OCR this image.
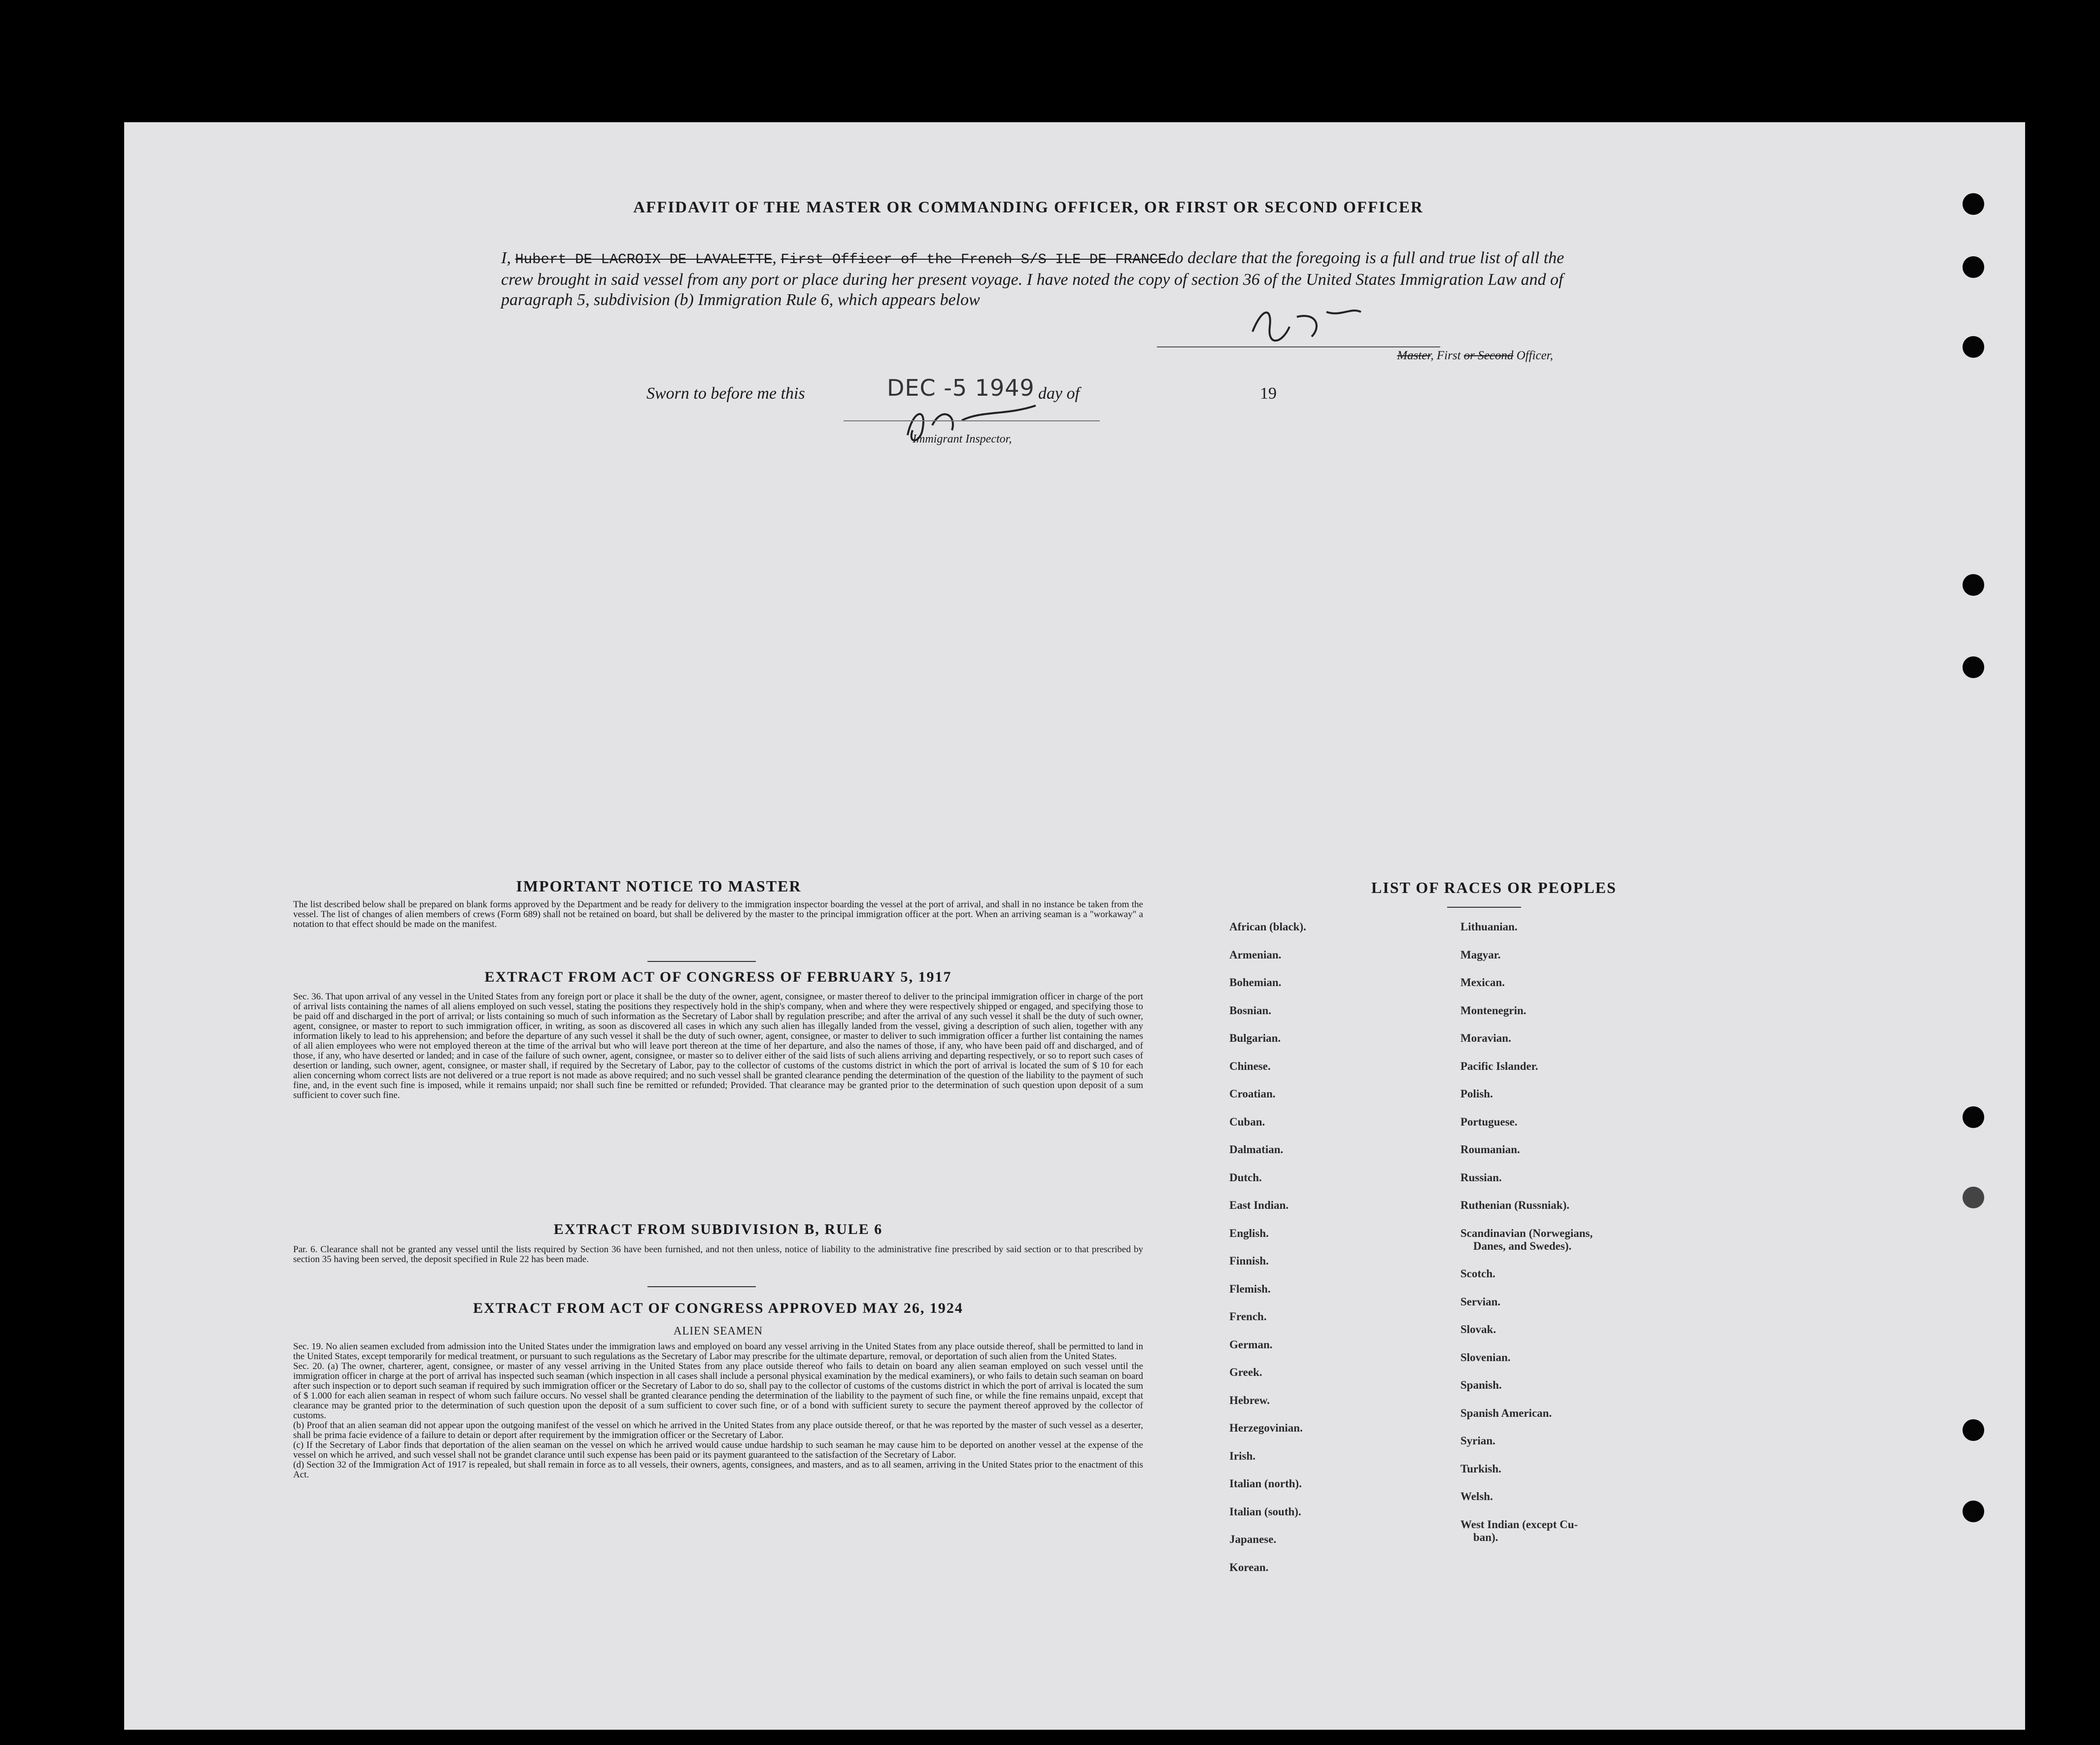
AFFIDAVIT OF THE MASTER OR COMMANDING OFFICER, OR FIRST OR SECOND OFFICER

I, Hubert DE LACROIX DE LAVALETTE, First Officer of the French S/S ILE DE FRANCEdo declare that the foregoing is a full and true list of all the crew brought in said vessel from any port or place during her present voyage. I have noted the copy of section 36 of the United States Immigration Law and of paragraph 5, subdivision (b) Immigration Rule 6, which appears below

Master, First or Second Officer,

Sworn to before me this	DEC -5 1949 day of	19

Immigrant Inspector,

IMPORTANT NOTICE TO MASTER

The list described below shall be prepared on blank forms approved by the Department and be ready for delivery to the immigration inspector boarding the vessel at the port of arrival, and shall in no instance be taken from the vessel. The list of changes of alien members of crews (Form 689) shall not be retained on board, but shall be delivered by the master to the principal immigration officer at the port. When an arriving seaman is a "workaway" a notation to that effect should be made on the manifest.

EXTRACT FROM ACT OF CONGRESS OF FEBRUARY 5, 1917

Sec. 36. That upon arrival of any vessel in the United States from any foreign port or place it shall be the duty of the owner, agent, consignee, or master thereof to deliver to the principal immigration officer in charge of the port of arrival lists containing the names of all aliens employed on such vessel, stating the positions they respectively hold in the ship's company, when and where they were respectively shipped or engaged, and specifying those to be paid off and discharged in the port of arrival; or lists containing so much of such information as the Secretary of Labor shall by regulation prescribe; and after the arrival of any such vessel it shall be the duty of such owner, agent, consignee, or master to report to such immigration officer, in writing, as soon as discovered all cases in which any such alien has illegally landed from the vessel, giving a description of such alien, together with any information likely to lead to his apprehension; and before the departure of any such vessel it shall be the duty of such owner, agent, consignee, or master to deliver to such immigration officer a further list containing the names of all alien employees who were not employed thereon at the time of the arrival but who will leave port thereon at the time of her departure, and also the names of those, if any, who have been paid off and discharged, and of those, if any, who have deserted or landed; and in case of the failure of such owner, agent, consignee, or master so to deliver either of the said lists of such aliens arriving and departing respectively, or so to report such cases of desertion or landing, such owner, agent, consignee, or master shall, if required by the Secretary of Labor, pay to the collector of customs of the customs district in which the port of arrival is located the sum of $ 10 for each alien concerning whom correct lists are not delivered or a true report is not made as above required; and no such vessel shall be granted clearance pending the determination of the question of the liability to the payment of such fine, and, in the event such fine is imposed, while it remains unpaid; nor shall such fine be remitted or refunded; Provided. That clearance may be granted prior to the determination of such question upon deposit of a sum sufficient to cover such fine.

EXTRACT FROM SUBDIVISION B, RULE 6

Par. 6. Clearance shall not be granted any vessel until the lists required by Section 36 have been furnished, and not then unless, notice of liability to the administrative fine prescribed by said section or to that prescribed by section 35 having been served, the deposit specified in Rule 22 has been made.

EXTRACT FROM ACT OF CONGRESS APPROVED MAY 26, 1924

ALIEN SEAMEN

Sec. 19. No alien seamen excluded from admission into the United States under the immigration laws and employed on board any vessel arriving in the United States from any place outside thereof, shall be permitted to land in the United States, except temporarily for medical treatment, or pursuant to such regulations as the Secretary of Labor may prescribe for the ultimate departure, removal, or deportation of such alien from the United States.
Sec. 20. (a) The owner, charterer, agent, consignee, or master of any vessel arriving in the United States from any place outside thereof who fails to detain on board any alien seaman employed on such vessel until the immigration officer in charge at the port of arrival has inspected such seaman (which inspection in all cases shall include a personal physical examination by the medical examiners), or who fails to detain such seaman on board after such inspection or to deport such seaman if required by such immigration officer or the Secretary of Labor to do so, shall pay to the collector of customs of the customs district in which the port of arrival is located the sum of $ 1.000 for each alien seaman in respect of whom such failure occurs. No vessel shall be granted clearance pending the determination of the liability to the payment of such fine, or while the fine remains unpaid, except that clearance may be granted prior to the determination of such question upon the deposit of a sum sufficient to cover such fine, or of a bond with sufficient surety to secure the payment thereof approved by the collector of customs.
(b) Proof that an alien seaman did not appear upon the outgoing manifest of the vessel on which he arrived in the United States from any place outside thereof, or that he was reported by the master of such vessel as a deserter, shall be prima facie evidence of a failure to detain or deport after requirement by the immigration officer or the Secretary of Labor.
(c) If the Secretary of Labor finds that deportation of the alien seaman on the vessel on which he arrived would cause undue hardship to such seaman he may cause him to be deported on another vessel at the expense of the vessel on which he arrived, and such vessel shall not be grandet clarance until such expense has been paid or its payment guaranteed to the satisfaction of the Secretary of Labor.
(d) Section 32 of the Immigration Act of 1917 is repealed, but shall remain in force as to all vessels, their owners, agents, consignees, and masters, and as to all seamen, arriving in the United States prior to the enactment of this Act.

LIST OF RACES OR PEOPLES

African (black).
Armenian.
Bohemian.
Bosnian.
Bulgarian.
Chinese.
Croatian.
Cuban.
Dalmatian.
Dutch.
East Indian.
English.
Finnish.
Flemish.
French.
German.
Greek.
Hebrew.
Herzegovinian.
Irish.
Italian (north).
Italian (south).
Japanese.
Korean.
Lithuanian.
Magyar.
Mexican.
Montenegrin.
Moravian.
Pacific Islander.
Polish.
Portuguese.
Roumanian.
Russian.
Ruthenian (Russniak).
Scandinavian (Norwegians,
Danes, and Swedes).
Scotch.
Servian.
Slovak.
Slovenian.
Spanish.
Spanish American.
Syrian.
Turkish.
Welsh.
West Indian (except Cu-
ban).
